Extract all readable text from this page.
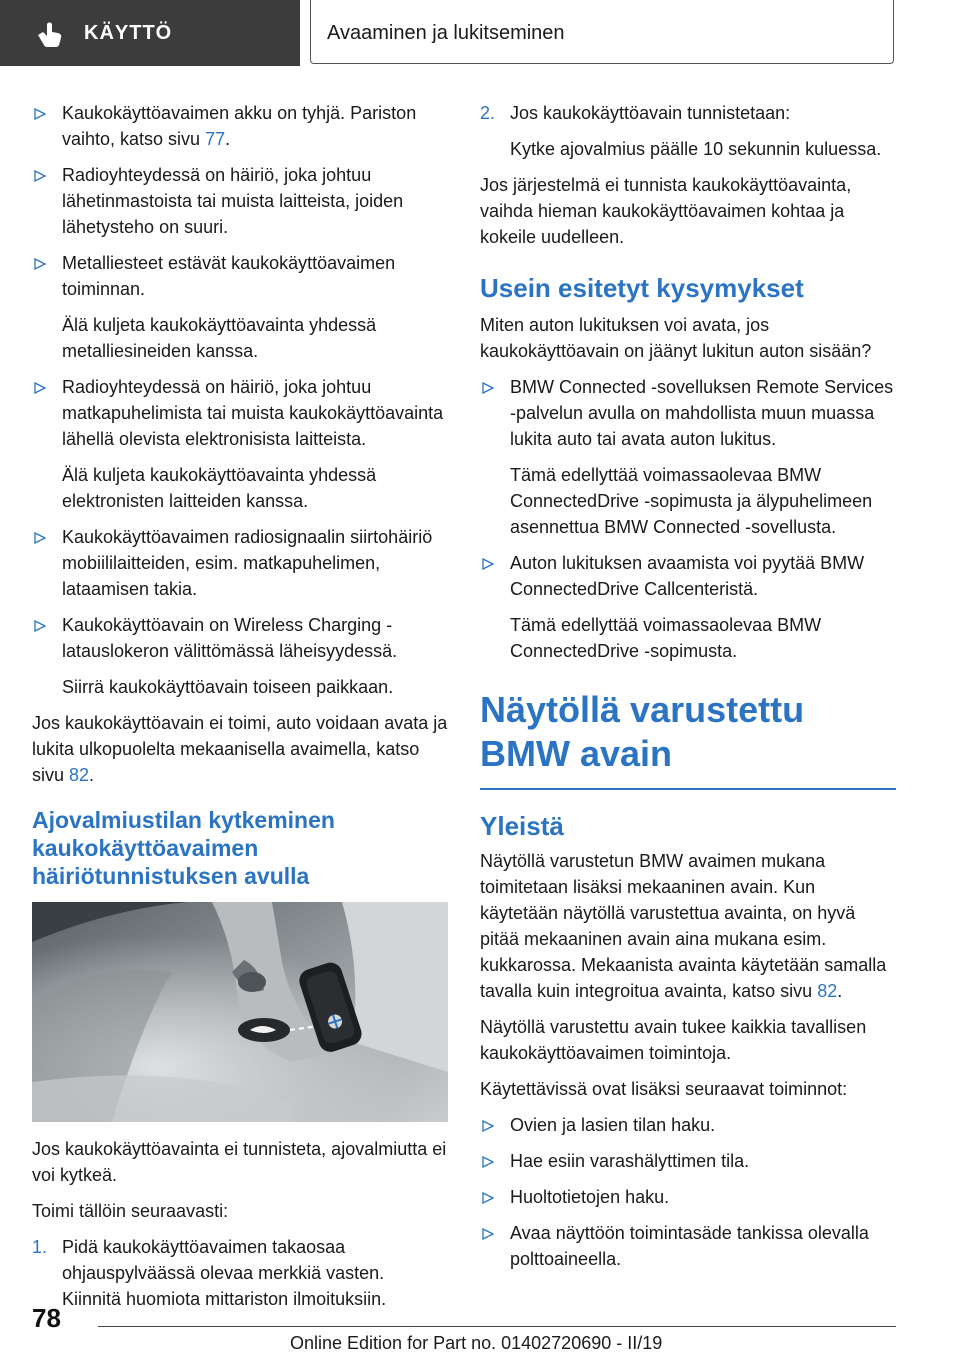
KÄYTTÖ	Avaaminen ja lukitseminen
Kaukokäyttöavaimen akku on tyhjä. Pariston vaihto, katso sivu 77.
Radioyhteydessä on häiriö, joka johtuu lähetinmastoista tai muista laitteista, joiden lähetysteho on suuri.
Metalliesteet estävät kaukokäyttöavaimen toiminnan.
Älä kuljeta kaukokäyttöavainta yhdessä metalliesineiden kanssa.
Radioyhteydessä on häiriö, joka johtuu matkapuhelimista tai muista kaukokäyttöavainta lähellä olevista elektronisista laitteista.
Älä kuljeta kaukokäyttöavainta yhdessä elektronisten laitteiden kanssa.
Kaukokäyttöavaimen radiosignaalin siirtohäiriö mobiililaitteiden, esim. matkapuhelimen, lataamisen takia.
Kaukokäyttöavain on Wireless Charging -latauslokeron välittömässä läheisyydessä.
Siirrä kaukokäyttöavain toiseen paikkaan.
Jos kaukokäyttöavain ei toimi, auto voidaan avata ja lukita ulkopuolelta mekaanisella avaimella, katso sivu 82.
Ajovalmiustilan kytkeminen kaukokäyttöavaimen häiriötunnistuksen avulla
Jos kaukokäyttöavainta ei tunnisteta, ajovalmiutta ei voi kytkeä.
Toimi tällöin seuraavasti:
1. Pidä kaukokäyttöavaimen takaosaa ohjauspylväässä olevaa merkkiä vasten. Kiinnitä huomiota mittariston ilmoituksiin.
2. Jos kaukokäyttöavain tunnistetaan:
Kytke ajovalmius päälle 10 sekunnin kuluessa.
Jos järjestelmä ei tunnista kaukokäyttöavainta, vaihda hieman kaukokäyttöavaimen kohtaa ja kokeile uudelleen.
Usein esitetyt kysymykset
Miten auton lukituksen voi avata, jos kaukokäyttöavain on jäänyt lukitun auton sisään?
BMW Connected -sovelluksen Remote Services -palvelun avulla on mahdollista muun muassa lukita auto tai avata auton lukitus.
Tämä edellyttää voimassaolevaa BMW ConnectedDrive -sopimusta ja älypuhelimeen asennettua BMW Connected -sovellusta.
Auton lukituksen avaamista voi pyytää BMW ConnectedDrive Callcenteristä.
Tämä edellyttää voimassaolevaa BMW ConnectedDrive -sopimusta.
Näytöllä varustettu BMW avain
Yleistä
Näytöllä varustetun BMW avaimen mukana toimitetaan lisäksi mekaaninen avain. Kun käytetään näytöllä varustettua avainta, on hyvä pitää mekaaninen avain aina mukana esim. kukkarossa. Mekaanista avainta käytetään samalla tavalla kuin integroitua avainta, katso sivu 82.
Näytöllä varustettu avain tukee kaikkia tavallisen kaukokäyttöavaimen toimintoja.
Käytettävissä ovat lisäksi seuraavat toiminnot:
Ovien ja lasien tilan haku.
Hae esiin varashälyttimen tila.
Huoltotietojen haku.
Avaa näyttöön toimintasäde tankissa olevalla polttoaineella.
78
Online Edition for Part no. 01402720690 - II/19
